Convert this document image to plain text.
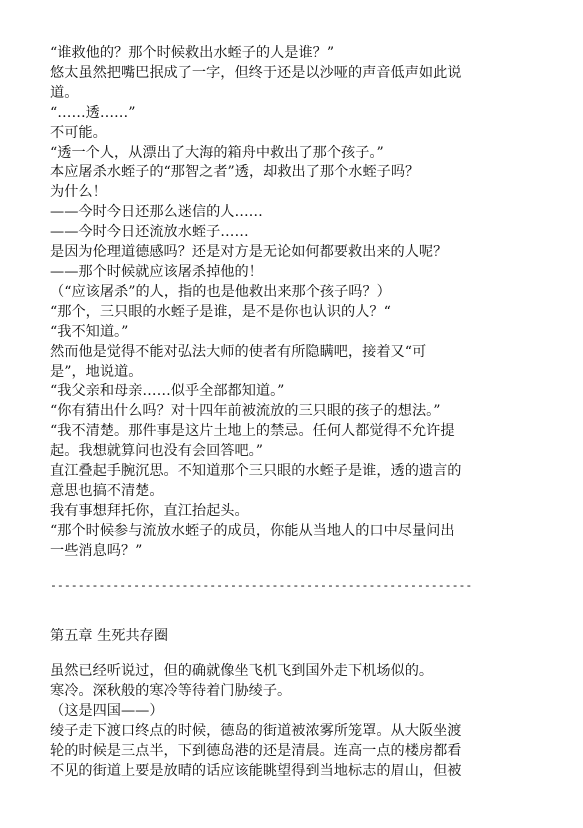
“谁救他的？那个时候救出水蛭子的人是谁？”
悠太虽然把嘴巴抿成了一字，但终于还是以沙哑的声音低声如此说
道。
“……透……”
不可能。
“透一个人，从漂出了大海的箱舟中救出了那个孩子。”
本应屠杀水蛭子的“那智之者”透，却救出了那个水蛭子吗？
为什么！
——今时今日还那么迷信的人……
——今时今日还流放水蛭子……
是因为伦理道德感吗？还是对方是无论如何都要救出来的人呢？
——那个时候就应该屠杀掉他的！
（“应该屠杀”的人，指的也是他救出来那个孩子吗？）
“那个，三只眼的水蛭子是谁，是不是你也认识的人？“
“我不知道。”
然而他是觉得不能对弘法大师的使者有所隐瞒吧，接着又“可
是”，地说道。
“我父亲和母亲……似乎全部都知道。”
“你有猜出什么吗？对十四年前被流放的三只眼的孩子的想法。”
“我不清楚。那件事是这片土地上的禁忌。任何人都觉得不允许提
起。我想就算问也没有会回答吧。”
直江叠起手腕沉思。不知道那个三只眼的水蛭子是谁，透的遗言的
意思也搞不清楚。
我有事想拜托你，直江抬起头。
“那个时候参与流放水蛭子的成员，你能从当地人的口中尽量问出
一些消息吗？”
-------------------------------------------------------------
第五章 生死共存圈
虽然已经听说过，但的确就像坐飞机飞到国外走下机场似的。
寒冷。深秋般的寒冷等待着门胁绫子。
（这是四国——）
绫子走下渡口终点的时候，德岛的街道被浓雾所笼罩。从大阪坐渡
轮的时候是三点半，下到德岛港的还是清晨。连高一点的楼房都看
不见的街道上要是放晴的话应该能眺望得到当地标志的眉山，但被
